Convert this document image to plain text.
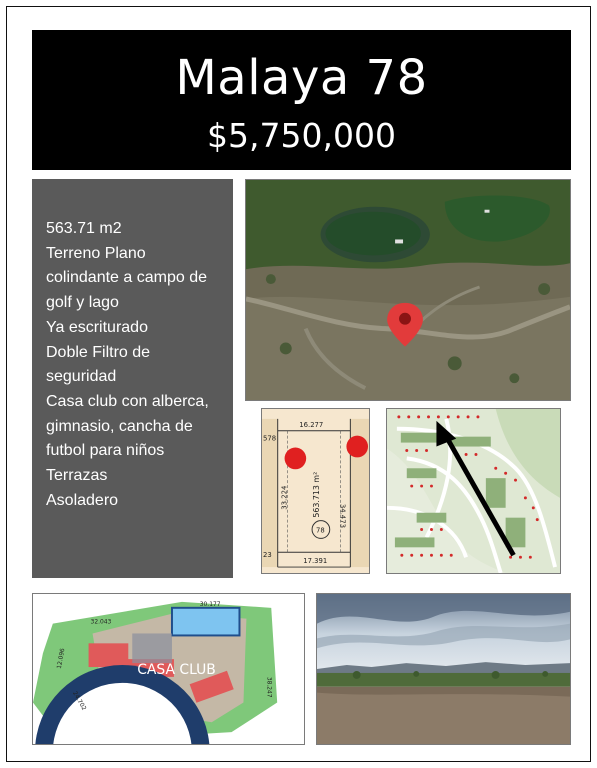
Malaya 78
$5,750,000
563.71 m2
Terreno Plano
colindante a campo de
golf y lago
Ya escriturado
Doble Filtro de
seguridad
Casa club con alberca,
gimnasio, cancha de
futbol para niños
Terrazas
Asoladero
16.277
578
33.224
34.473
563.713 m²
78
17.391
23
CASA CLUB
32.043
30.177
12.096
24.702
38.247
